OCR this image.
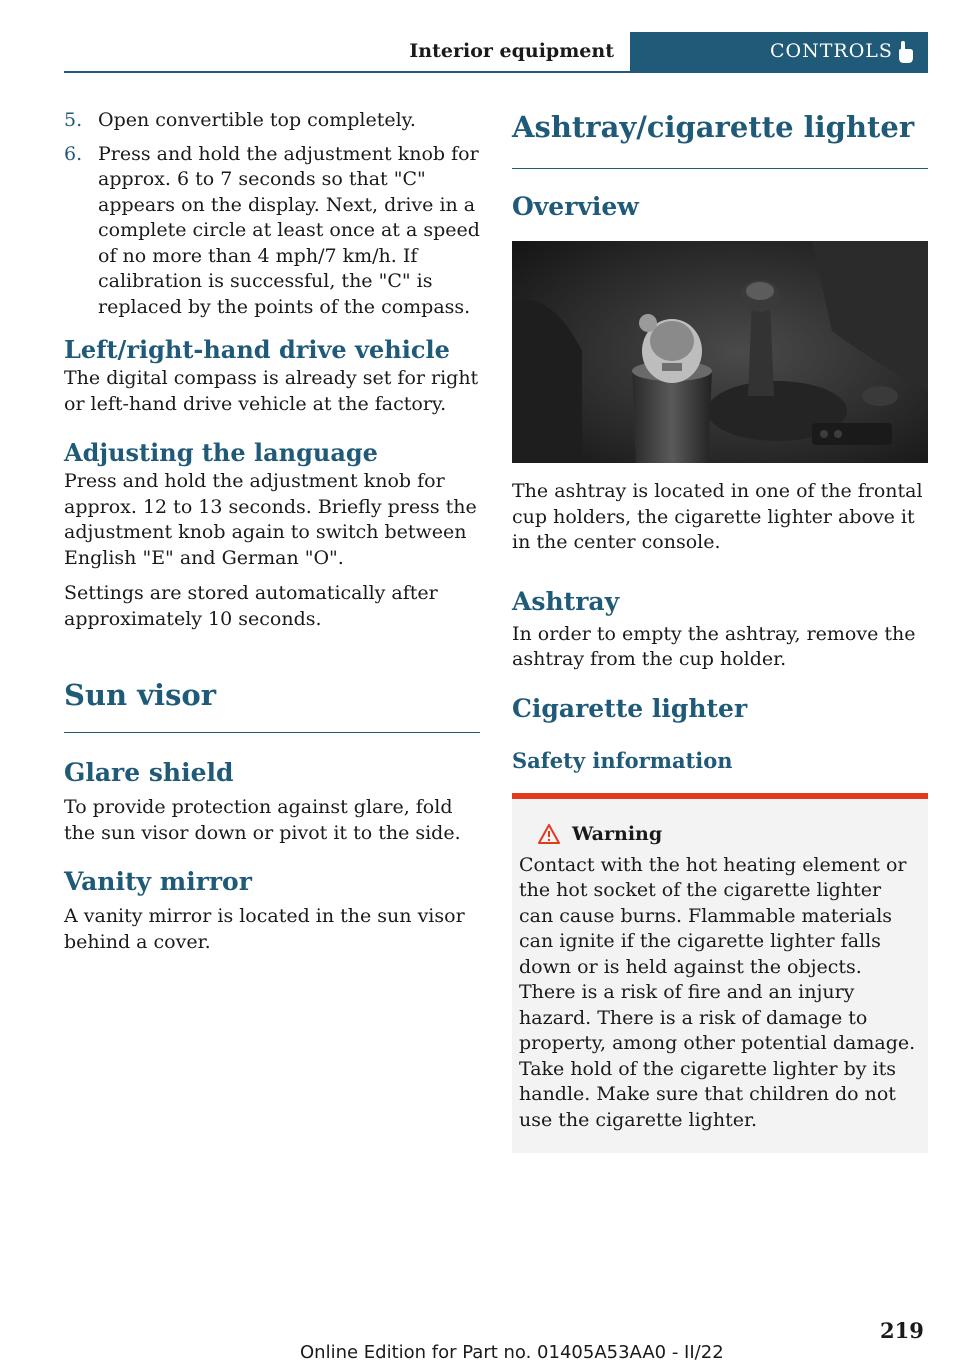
Interior equipment	CONTROLS
5. Open convertible top completely.
6. Press and hold the adjustment knob for approx. 6 to 7 seconds so that "C" appears on the display. Next, drive in a complete circle at least once at a speed of no more than 4 mph/7 km/h. If calibration is successful, the "C" is replaced by the points of the compass.
Left/right-hand drive vehicle

The digital compass is already set for right or left-hand drive vehicle at the factory.

Adjusting the language

Press and hold the adjustment knob for approx. 12 to 13 seconds. Briefly press the adjustment knob again to switch between English "E" and German "O".

Settings are stored automatically after approximately 10 seconds.

Sun visor
Glare shield

To provide protection against glare, fold the sun visor down or pivot it to the side.

Vanity mirror

A vanity mirror is located in the sun visor behind a cover.

Ashtray/cigarette lighter
Overview

The ashtray is located in one of the frontal cup holders, the cigarette lighter above it in the center console.

Ashtray

In order to empty the ashtray, remove the ashtray from the cup holder.

Cigarette lighter
Safety information
Warning

Contact with the hot heating element or the hot socket of the cigarette lighter can cause burns. Flammable materials can ignite if the cigarette lighter falls down or is held against the objects. There is a risk of fire and an injury hazard. There is a risk of damage to property, among other potential damage. Take hold of the cigarette lighter by its handle. Make sure that children do not use the cigarette lighter.

219
Online Edition for Part no. 01405A53AA0 - II/22
